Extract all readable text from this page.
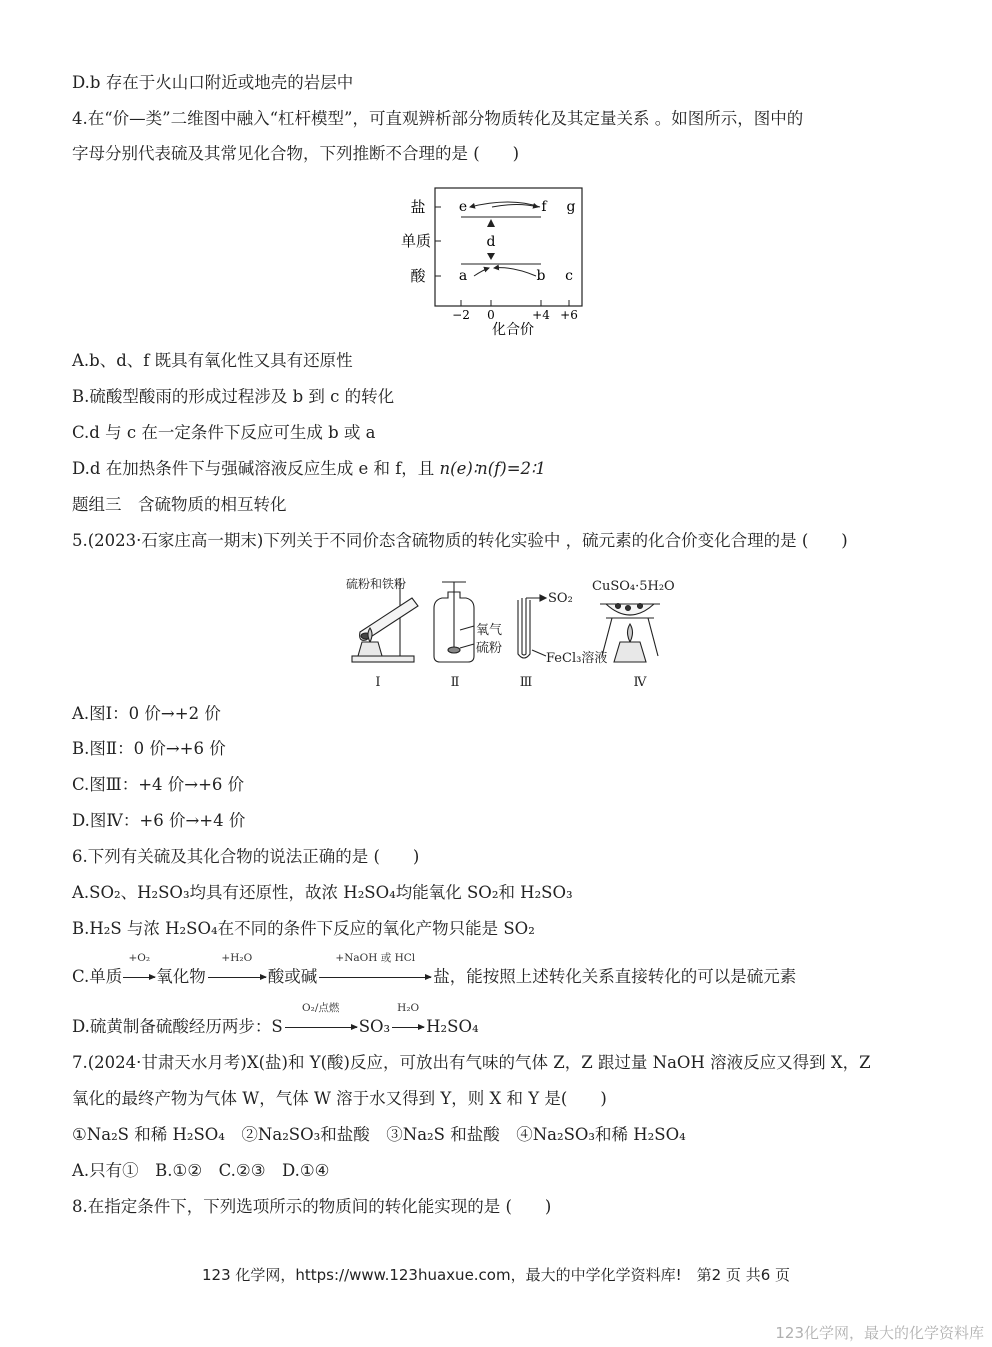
D.b 存在于火山口附近或地壳的岩层中
4.在“价—类”二维图中融入“杠杆模型”，可直观辨析部分物质转化及其定量关系 。如图所示，图中的
字母分别代表硫及其常见化合物，下列推断不合理的是 (　　)
盐
单质
酸
−2 0	+4 +6
化合价
e	f g
d
a	b c
A.b、d、f 既具有氧化性又具有还原性
B.硫酸型酸雨的形成过程涉及 b 到 c 的转化
C.d 与 c 在一定条件下反应可生成 b 或 a
D.d 在加热条件下与强碱溶液反应生成 e 和 f，且 n(e)∶n(f)=2∶1
题组三　含硫物质的相互转化
5.(2023·石家庄高一期末)下列关于不同价态含硫物质的转化实验中 ，硫元素的化合价变化合理的是 (　　)
硫粉和铁粉
氧气
硫粉
SO₂
FeCl₃溶液
CuSO₄·5H₂O
Ⅰ	Ⅱ	Ⅲ	Ⅳ
A.图Ⅰ：0 价→+2 价
B.图Ⅱ：0 价→+6 价
C.图Ⅲ：+4 价→+6 价
D.图Ⅳ：+6 价→+4 价
6.下列有关硫及其化合物的说法正确的是 (　　)
A.SO₂、H₂SO₃均具有还原性，故浓 H₂SO₄均能氧化 SO₂和 H₂SO₃
B.H₂S 与浓 H₂SO₄在不同的条件下反应的氧化产物只能是 SO₂
C.单质
+O₂
氧化物
+H₂O
酸或碱
+NaOH 或 HCl
盐，能按照上述转化关系直接转化的可以是硫元素
D.硫黄制备硫酸经历两步：S
O₂/点燃
SO₃
H₂O
H₂SO₄
7.(2024·甘肃天水月考)X(盐)和 Y(酸)反应，可放出有气味的气体 Z，Z 跟过量 NaOH 溶液反应又得到 X，Z
氧化的最终产物为气体 W，气体 W 溶于水又得到 Y，则 X 和 Y 是(　　)
①Na₂S 和稀 H₂SO₄　②Na₂SO₃和盐酸　③Na₂S 和盐酸　④Na₂SO₃和稀 H₂SO₄
A.只有①　B.①②　C.②③　D.①④
8.在指定条件下，下列选项所示的物质间的转化能实现的是 (　　)
123 化学网，https://www.123huaxue.com，最大的中学化学资料库!　第2 页 共6 页
123化学网，最大的化学资料库
